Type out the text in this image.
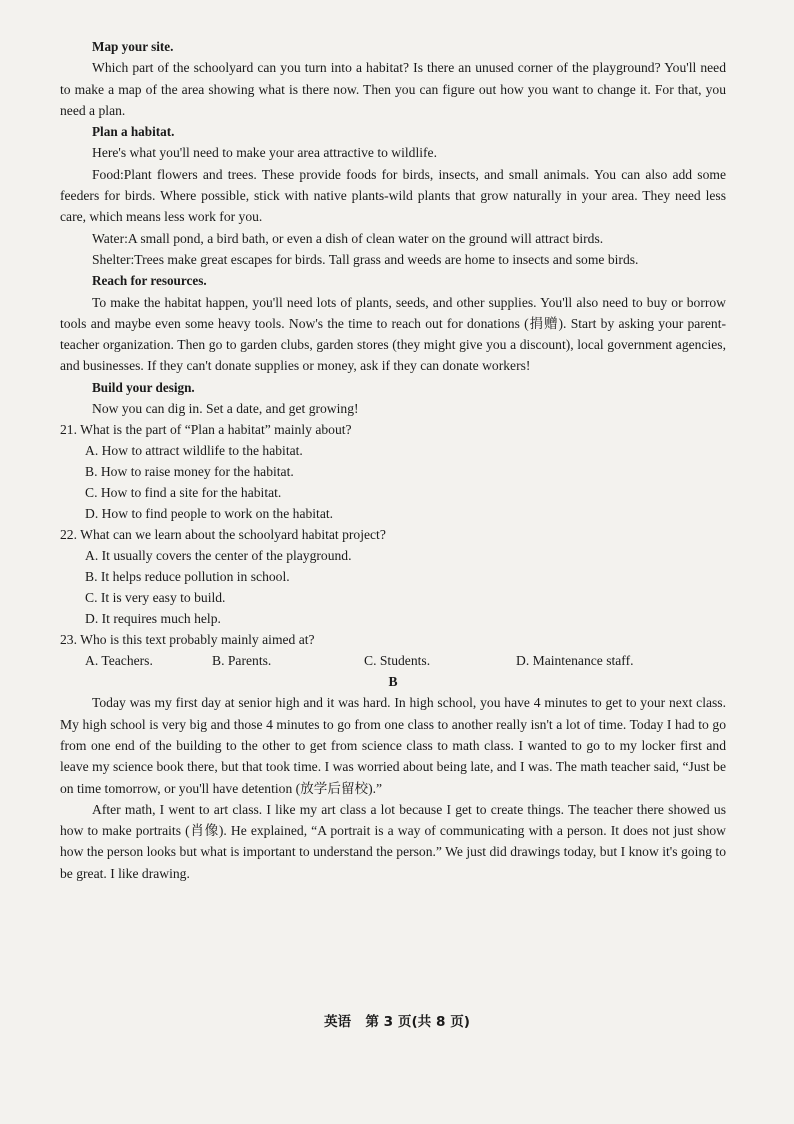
Map your site.

Which part of the schoolyard can you turn into a habitat? Is there an unused corner of the playground? You'll need to make a map of the area showing what is there now. Then you can figure out how you want to change it. For that, you need a plan.

Plan a habitat.

Here's what you'll need to make your area attractive to wildlife.

Food:Plant flowers and trees. These provide foods for birds, insects, and small animals. You can also add some feeders for birds. Where possible, stick with native plants-wild plants that grow naturally in your area. They need less care, which means less work for you.

Water:A small pond, a bird bath, or even a dish of clean water on the ground will attract birds.

Shelter:Trees make great escapes for birds. Tall grass and weeds are home to insects and some birds.

Reach for resources.

To make the habitat happen, you'll need lots of plants, seeds, and other supplies. You'll also need to buy or borrow tools and maybe even some heavy tools. Now's the time to reach out for donations (捐赠). Start by asking your parent-teacher organization. Then go to garden clubs, garden stores (they might give you a discount), local government agencies, and businesses. If they can't donate supplies or money, ask if they can donate workers!

Build your design.

Now you can dig in. Set a date, and get growing!

21. What is the part of “Plan a habitat” mainly about?

A. How to attract wildlife to the habitat.

B. How to raise money for the habitat.

C. How to find a site for the habitat.

D. How to find people to work on the habitat.

22. What can we learn about the schoolyard habitat project?

A. It usually covers the center of the playground.

B. It helps reduce pollution in school.

C. It is very easy to build.

D. It requires much help.

23. Who is this text probably mainly aimed at?

A. Teachers.	B. Parents.	C. Students.	D. Maintenance staff.

B

Today was my first day at senior high and it was hard. In high school, you have 4 minutes to get to your next class. My high school is very big and those 4 minutes to go from one class to another really isn't a lot of time. Today I had to go from one end of the building to the other to get from science class to math class. I wanted to go to my locker first and leave my science book there, but that took time. I was worried about being late, and I was. The math teacher said, “Just be on time tomorrow, or you'll have detention (放学后留校).”

After math, I went to art class. I like my art class a lot because I get to create things. The teacher there showed us how to make portraits (肖像). He explained, “A portrait is a way of communicating with a person. It does not just show how the person looks but what is important to understand the person.” We just did drawings today, but I know it's going to be great. I like drawing.

英语   第 3 页(共 8 页)
